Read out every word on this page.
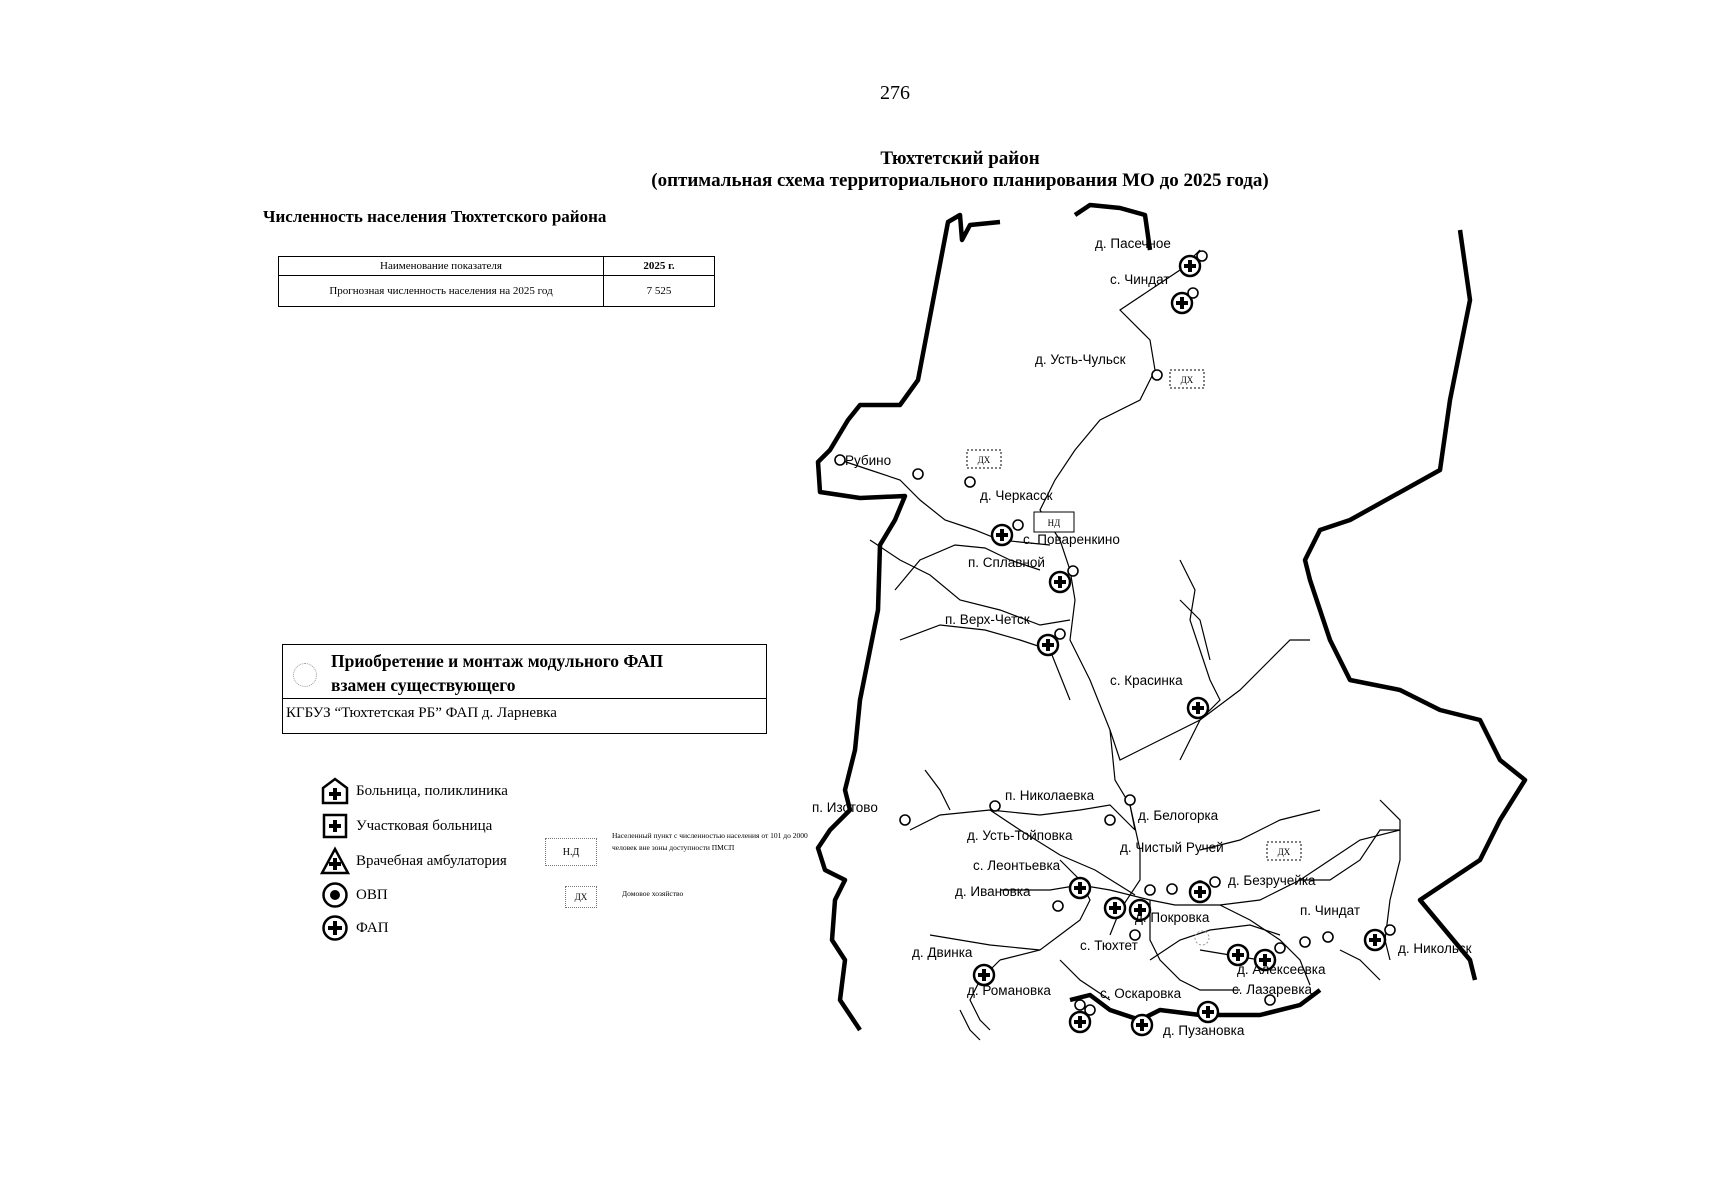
276
Тюхтетский район
(оптимальная схема территориального планирования МО до 2025 года)
Численность населения Тюхтетского района
Наименование показателя	2025 г.
Прогнозная численность населения на 2025 год	7 525
Приобретение и монтаж модульного ФАП
взамен существующего
КГБУЗ “Тюхтетская РБ” ФАП д. Ларневка
Больница, поликлиника
Участковая больница
Врачебная амбулатория
ОВП
ФАП
Н.Д
Населенный пункт с численностью населения от 101 до 2000 человек вне зоны доступности ПМСП
ДХ	Домовое хозяйство
ДХ
ДХ
НД
ДХ
д. Пасечное
с. Чиндат
д. Усть-Чульск
Рубино
д. Черкасск
с. Поваренкино
п. Сплавной
п. Верх-Четск
с. Красинка
п. Изотово
п. Николаевка
д. Белогорка
д. Усть-Тойповка
д. Чистый Ручей
с. Леонтьевка
д. Ивановка
д. Безручейка
д. Покровка	п. Чиндат
с. Тюхтет
д. Двинка	д. Никольск
д. Алексеевка
д. Романовка	с. Оскаровка	с. Лазаревка
д. Пузановка
